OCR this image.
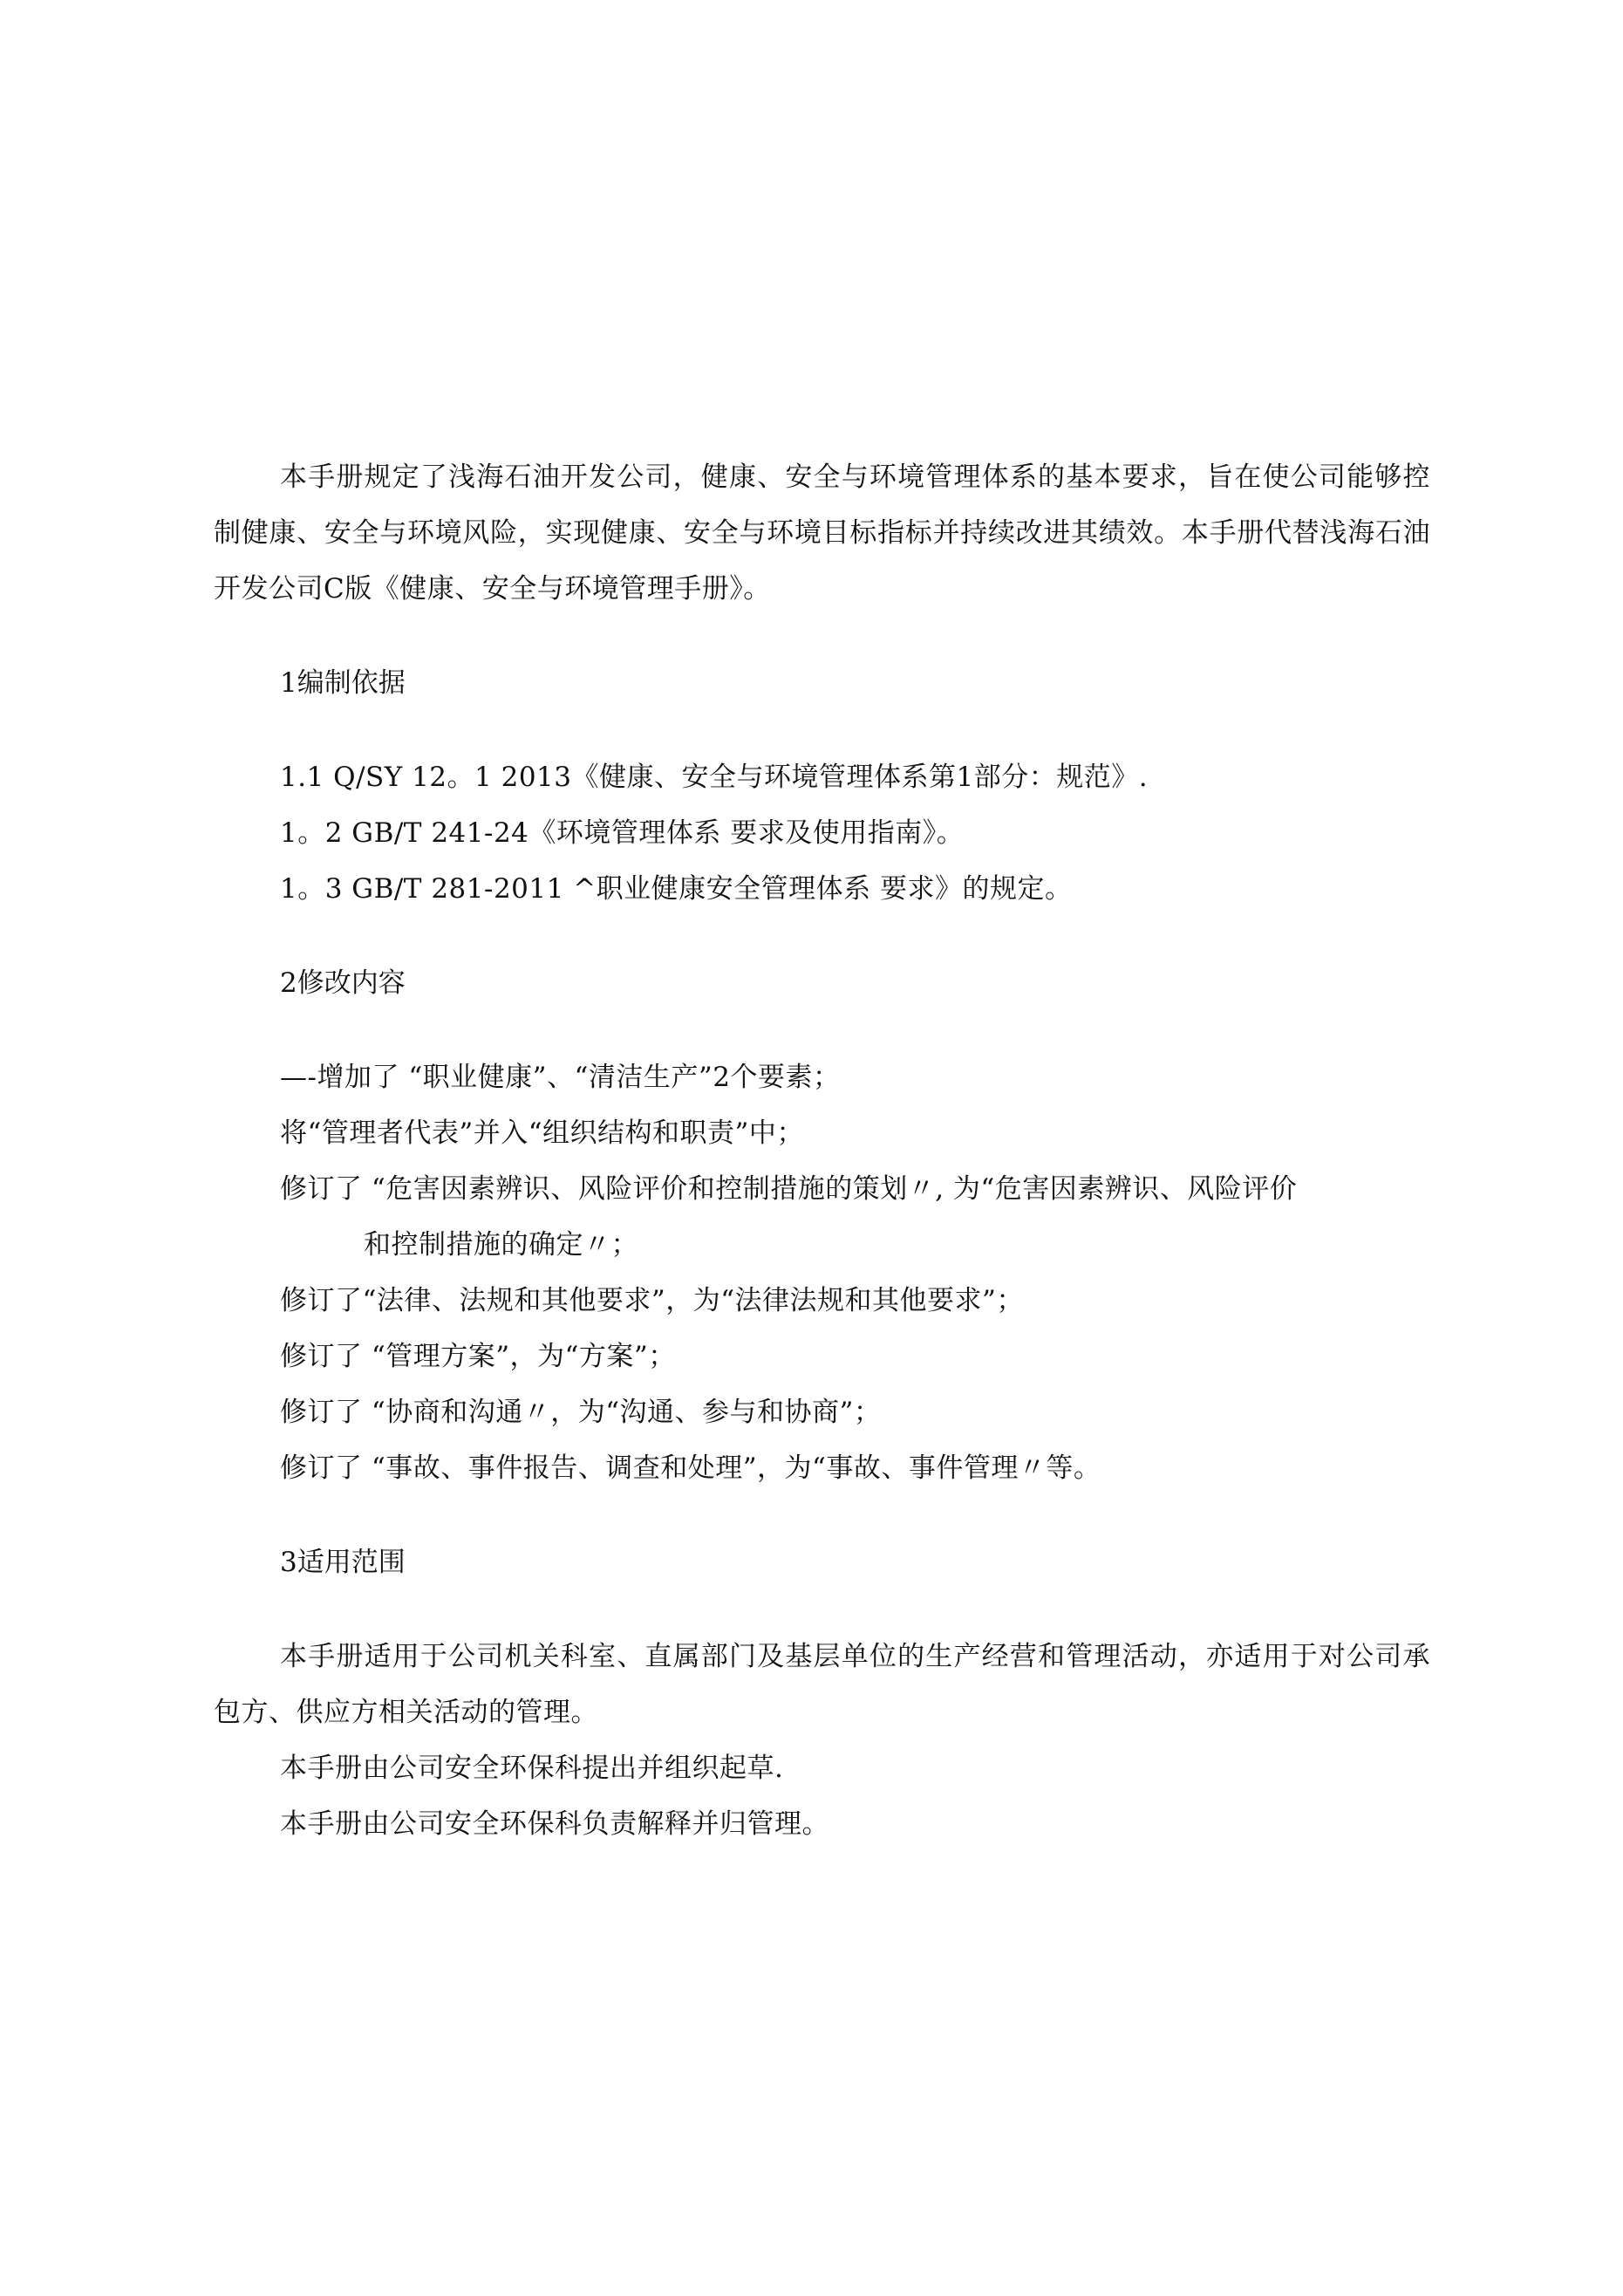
本手册规定了浅海石油开发公司，健康、安全与环境管理体系的基本要求，旨在使公司能够控制健康、安全与环境风险，实现健康、安全与环境目标指标并持续改进其绩效。本手册代替浅海石油开发公司C版《健康、安全与环境管理手册》。

1编制依据

1.1 Q/SY 12。1 2013《健康、安全与环境管理体系第1部分：规范》.

1。2 GB/T 241-24《环境管理体系 要求及使用指南》。

1。3 GB/T 281-2011 ^职业健康安全管理体系 要求》的规定。

2修改内容

—-增加了 “职业健康”、“清洁生产”2个要素；

将“管理者代表”并入“组织结构和职责”中；

修订了 “危害因素辨识、风险评价和控制措施的策划〃, 为“危害因素辨识、风险评价
和控制措施的确定〃；

修订了“法律、法规和其他要求”，为“法律法规和其他要求”；

修订了 “管理方案”，为“方案”；

修订了 “协商和沟通〃，为“沟通、参与和协商”；

修订了 “事故、事件报告、调查和处理”，为“事故、事件管理〃等。

3适用范围

本手册适用于公司机关科室、直属部门及基层单位的生产经营和管理活动，亦适用于对公司承包方、供应方相关活动的管理。

本手册由公司安全环保科提出并组织起草.

本手册由公司安全环保科负责解释并归管理。
